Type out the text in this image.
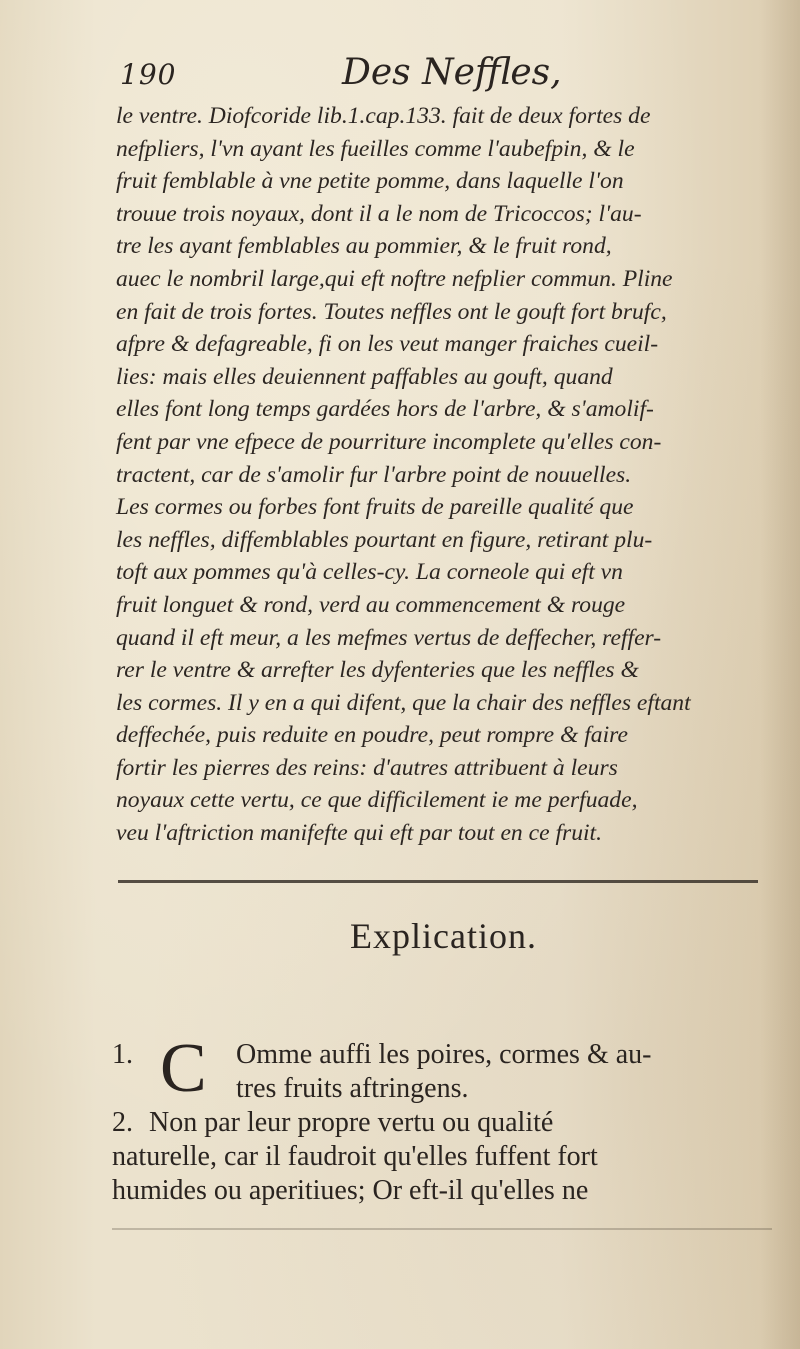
190	Des Neffles,
le ventre. Diofcoride lib.1.cap.133. fait de deux fortes de
nefpliers, l'vn ayant les fueilles comme l'aubefpin, & le
fruit femblable à vne petite pomme, dans laquelle l'on
trouue trois noyaux, dont il a le nom de Tricoccos; l'au-
tre les ayant femblables au pommier, & le fruit rond,
auec le nombril large,qui eft noftre nefplier commun. Pline
en fait de trois fortes. Toutes neffles ont le gouft fort brufc,
afpre & defagreable, fi on les veut manger fraiches cueil-
lies: mais elles deuiennent paffables au gouft, quand
elles font long temps gardées hors de l'arbre, & s'amolif-
fent par vne efpece de pourriture incomplete qu'elles con-
tractent, car de s'amolir fur l'arbre point de nouuelles.
Les cormes ou forbes font fruits de pareille qualité que
les neffles, diffemblables pourtant en figure, retirant plu-
toft aux pommes qu'à celles-cy. La corneole qui eft vn
fruit longuet & rond, verd au commencement & rouge
quand il eft meur, a les mefmes vertus de deffecher, reffer-
rer le ventre & arrefter les dyfenteries que les neffles &
les cormes. Il y en a qui difent, que la chair des neffles eftant
deffechée, puis reduite en poudre, peut rompre & faire
fortir les pierres des reins: d'autres attribuent à leurs
noyaux cette vertu, ce que difficilement ie me perfuade,
veu l'aftriction manifefte qui eft par tout en ce fruit.
Explication.
1. C Omme auffi les poires, cormes & au-
tres fruits aftringens.
2. Non par leur propre vertu ou qualité
naturelle, car il faudroit qu'elles fuffent fort
humides ou aperitiues; Or eft-il qu'elles ne
